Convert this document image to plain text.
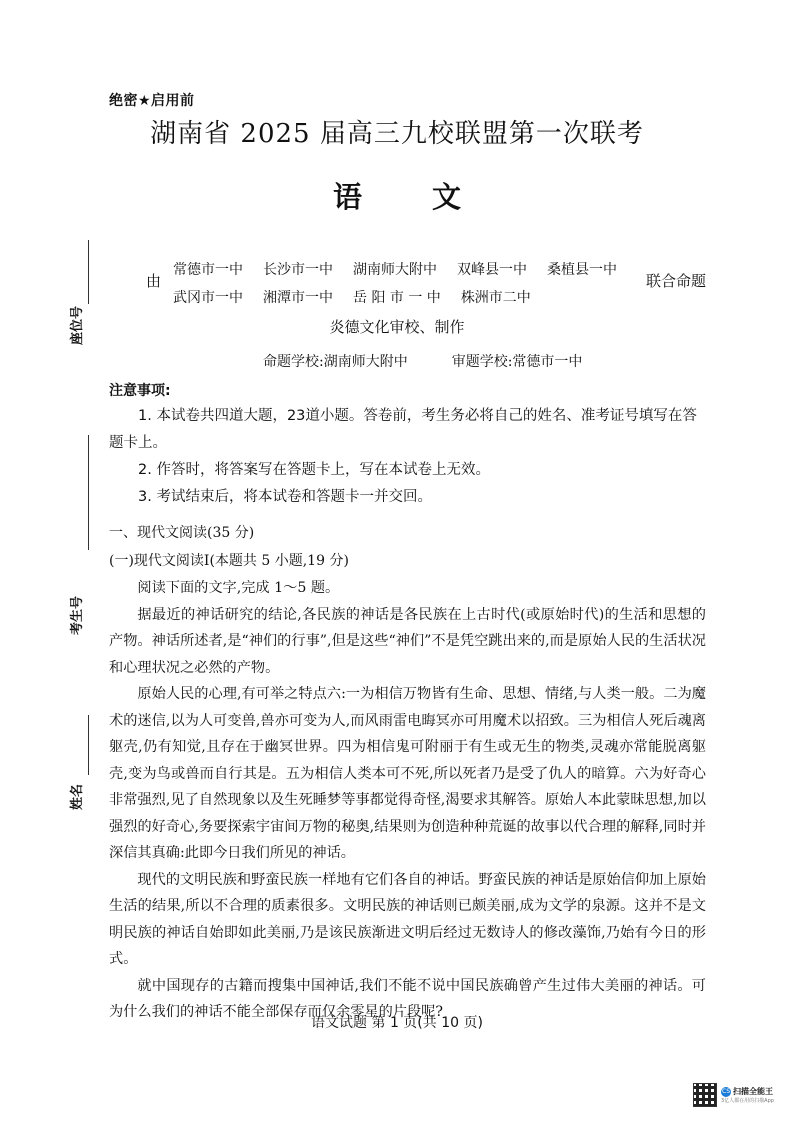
绝密★启用前
湖南省 2025 届高三九校联盟第一次联考
语 文
由
常德市一中 长沙市一中 湖南师大附中 双峰县一中 桑植县一中
武冈市一中 湘潭市一中 岳 阳 市 一 中 株洲市二中
联合命题
炎德文化审校、制作
命题学校:湖南师大附中	审题学校:常德市一中
注意事项:

1. 本试卷共四道大题，23道小题。答卷前，考生务必将自己的姓名、准考证号填写在答题卡上。

2. 作答时，将答案写在答题卡上，写在本试卷上无效。

3. 考试结束后，将本试卷和答题卡一并交回。

一、现代文阅读(35 分)
(一)现代文阅读Ⅰ(本题共 5 小题,19 分)

阅读下面的文字,完成 1～5 题。

据最近的神话研究的结论,各民族的神话是各民族在上古时代(或原始时代)的生活和思想的产物。神话所述者,是“神们的行事”,但是这些“神们”不是凭空跳出来的,而是原始人民的生活状况和心理状况之必然的产物。

原始人民的心理,有可举之特点六:一为相信万物皆有生命、思想、情绪,与人类一般。二为魔术的迷信,以为人可变兽,兽亦可变为人,而风雨雷电晦冥亦可用魔术以招致。三为相信人死后魂离躯壳,仍有知觉,且存在于幽冥世界。四为相信鬼可附丽于有生或无生的物类,灵魂亦常能脱离躯壳,变为鸟或兽而自行其是。五为相信人类本可不死,所以死者乃是受了仇人的暗算。六为好奇心非常强烈,见了自然现象以及生死睡梦等事都觉得奇怪,渴要求其解答。原始人本此蒙昧思想,加以强烈的好奇心,务要探索宇宙间万物的秘奥,结果则为创造种种荒诞的故事以代合理的解释,同时并深信其真确:此即今日我们所见的神话。

现代的文明民族和野蛮民族一样地有它们各自的神话。野蛮民族的神话是原始信仰加上原始生活的结果,所以不合理的质素很多。文明民族的神话则已颇美丽,成为文学的泉源。这并不是文明民族的神话自始即如此美丽,乃是该民族渐进文明后经过无数诗人的修改藻饰,乃始有今日的形式。

就中国现存的古籍而搜集中国神话,我们不能不说中国民族确曾产生过伟大美丽的神话。可为什么我们的神话不能全部保存而仅余零星的片段呢?

语文试题 第 1 页(共 10 页)
座位号
考生号
姓名
CS 扫描全能王
3亿人都在用的扫描App
